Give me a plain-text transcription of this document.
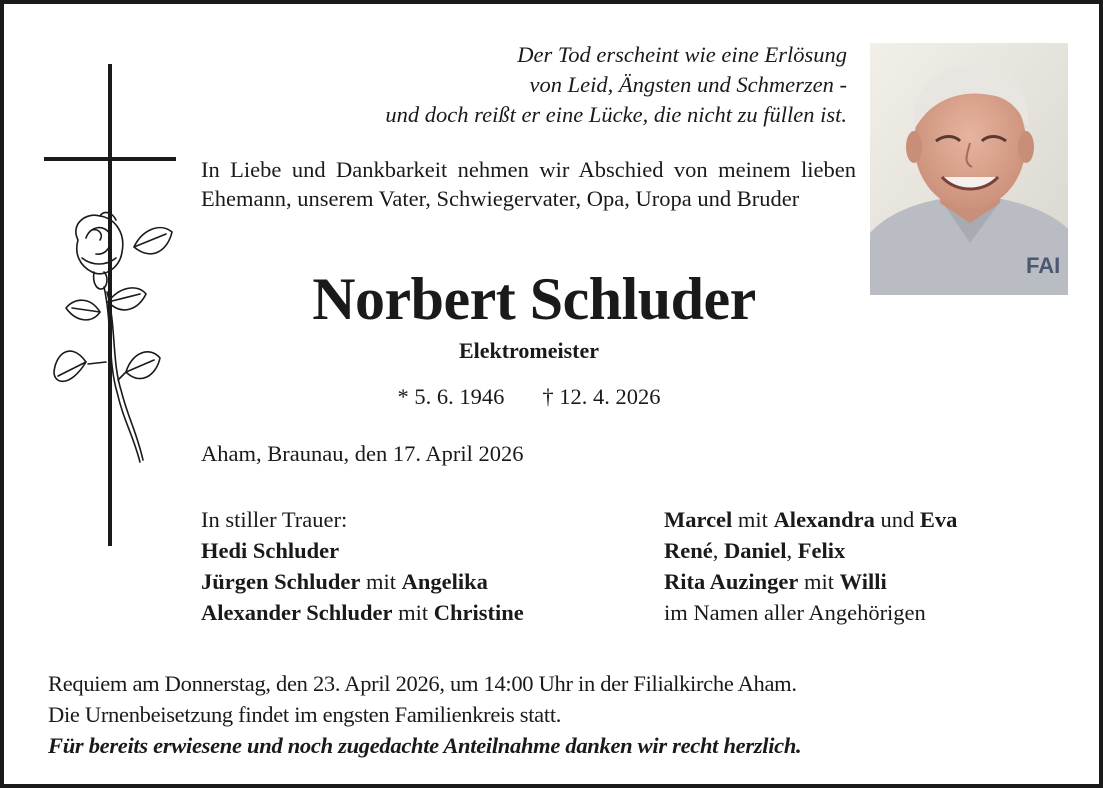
Der Tod erscheint wie eine Erlösung
von Leid, Ängsten und Schmerzen -
und doch reißt er eine Lücke, die nicht zu füllen ist.
FAI
In Liebe und Dankbarkeit nehmen wir Abschied von meinem lieben Ehemann, unserem Vater, Schwiegervater, Opa, Uropa und Bruder
Norbert Schluder
Elektromeister
* 5. 6. 1946 † 12. 4. 2026
Aham, Braunau, den 17. April 2026
In stiller Trauer:
Hedi Schluder
Jürgen Schluder mit Angelika
Alexander Schluder mit Christine
Marcel mit Alexandra und Eva
René, Daniel, Felix
Rita Auzinger mit Willi
im Namen aller Angehörigen
Requiem am Donnerstag, den 23. April 2026, um 14:00 Uhr in der Filialkirche Aham.
Die Urnenbeisetzung findet im engsten Familienkreis statt.
Für bereits erwiesene und noch zugedachte Anteilnahme danken wir recht herzlich.
